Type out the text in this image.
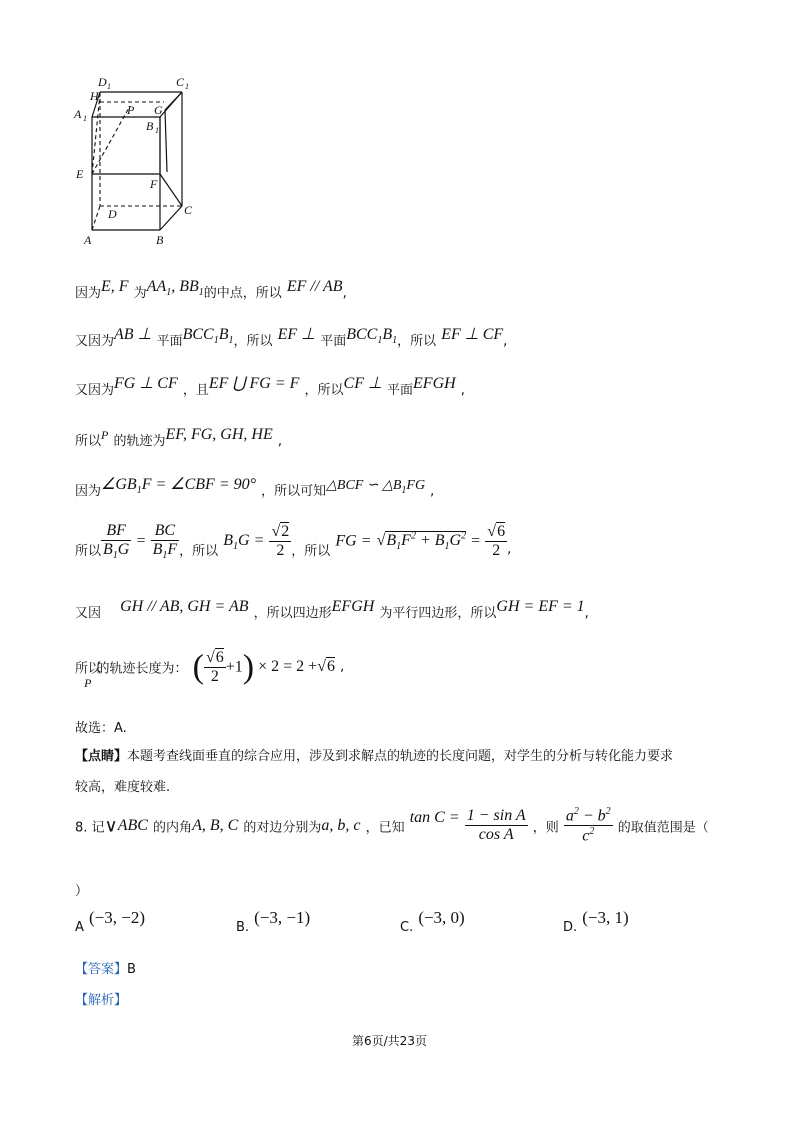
D 1	C 1
H
A 1
P G
B 1
E
F
D	C
A	B
$_{因为}$E, F $_为AA_1$, $BB_{1的中点,所以}$ EF // $AB_,$
$_{又因为}$AB ⊥ $_{平面}BCC_1B_{1,所以}$ EF ⊥ $_{平面}BCC_1B_{1,所以}$ EF ⊥ $CF_,$
$_{又因为}$FG ⊥ CF $_{,且}$EF ⋃ FG = F $_{,所以}$CF ⊥ $_{平面}$EFGH $_,$
$_{所以}$P $_{的轨迹为}$EF, FG, GH, HE $_,$
$_{因为}\angle GB_1F$ = ∠CBF = 90° $_{,所以可知}$△BCF ∽ $\triangle B_1FG$ $_,$
$_{所以} \frac{BF}{B_1G} = \frac{BC}{B_1F} _{,所以}$ $B_1G = \frac{√2}{2} _{,所以}$ FG = $√B_1F^2 + B_1G^2 = \frac{√6}{2} _,$
$_{又因}$ GH // AB, GH = AB $_{,所以四边形}$EFGH $_{为平行四边形,所以}$GH = EF = $1_,$
所以 $_P$ 的轨迹长度为： ( $\frac{√6}{2} +1) \times 2 = 2 +√6$ ,
故选：A.
【点睛】本题考查线面垂直的综合应用，涉及到求解点的轨迹的长度问题，对学生的分析与转化能力要求
较高，难度较难.
8. 记∨ABC 的内角A, B, C 的对边分别为a, b, c ，已知 $\tan C = \frac{\text{1 − sin A}}{\text{cos A}}$ ，则 $\frac{a^2 - b^2}{c^2}$ 的取值范围是（
）
$_A$ (−3, −2)
$_{B.}$ (−3, −1)
$_{C.}$ (−3, 0)
$_{D.}$ (−3, 1)
【答案】B
【解析】
第6页/共23页
